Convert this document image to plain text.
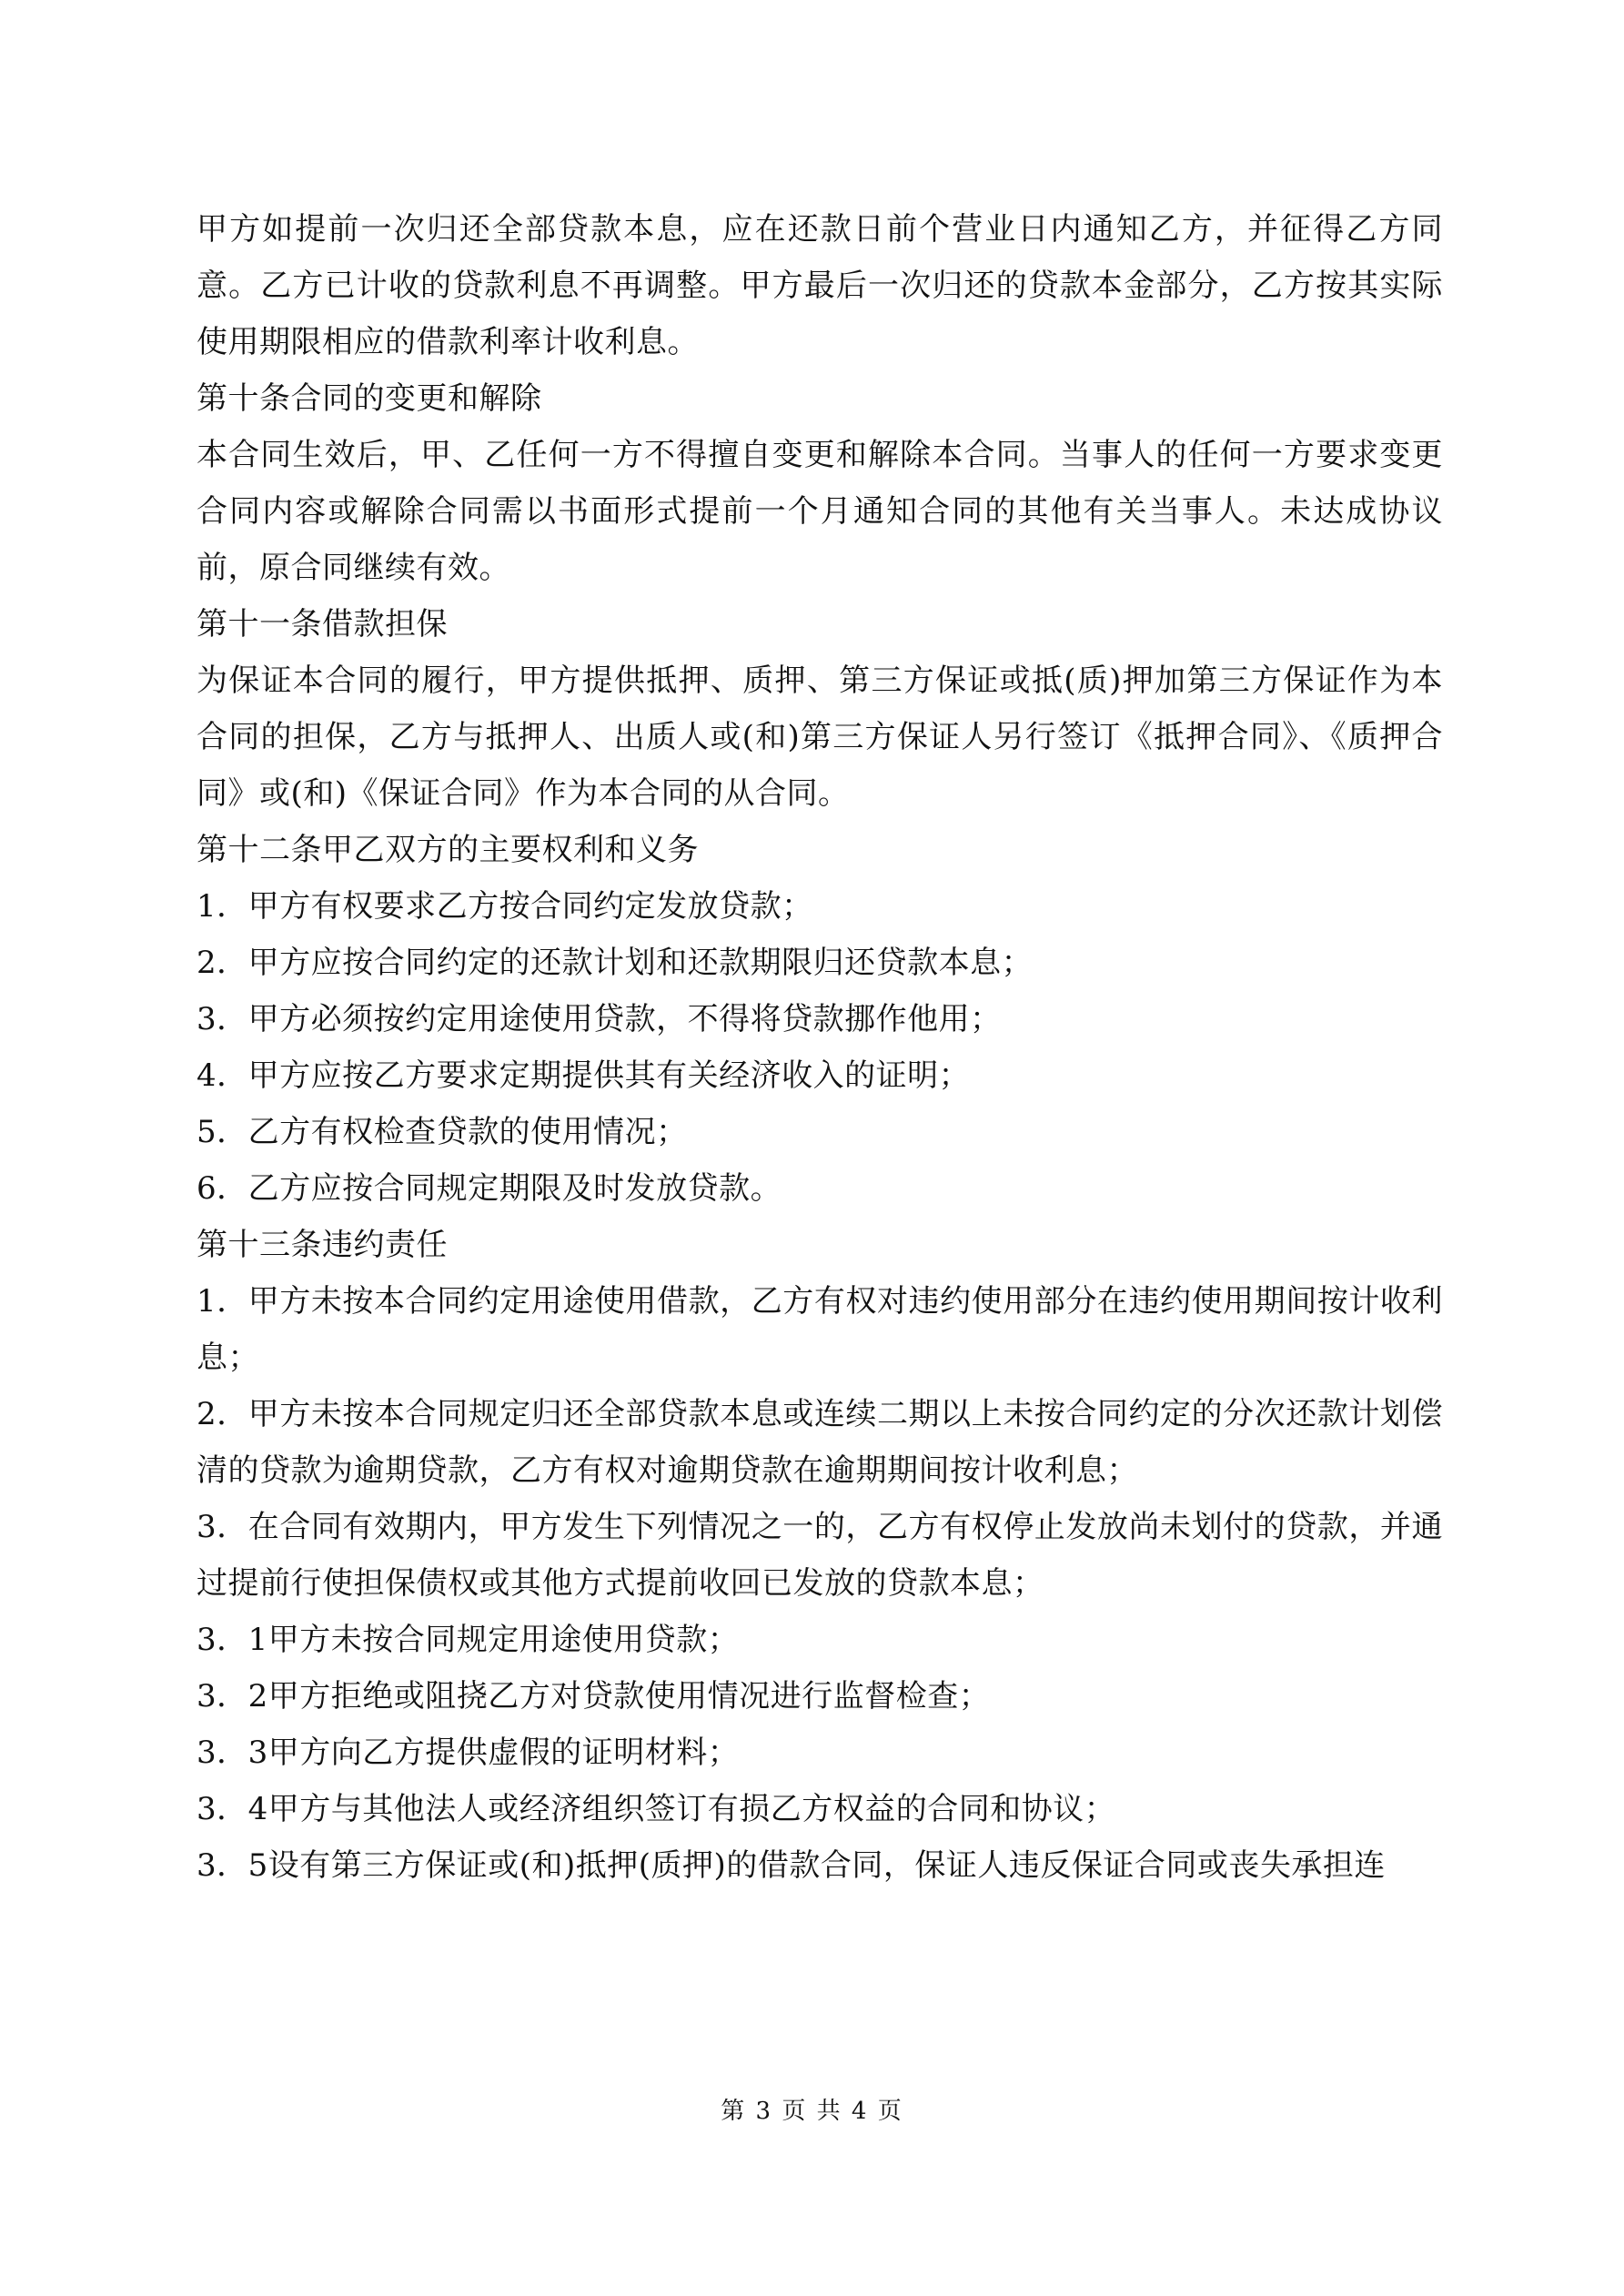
甲方如提前一次归还全部贷款本息，应在还款日前个营业日内通知乙方，并征得乙方同意。乙方已计收的贷款利息不再调整。甲方最后一次归还的贷款本金部分，乙方按其实际使用期限相应的借款利率计收利息。

第十条合同的变更和解除

本合同生效后，甲、乙任何一方不得擅自变更和解除本合同。当事人的任何一方要求变更合同内容或解除合同需以书面形式提前一个月通知合同的其他有关当事人。未达成协议前，原合同继续有效。

第十一条借款担保

为保证本合同的履行，甲方提供抵押、质押、第三方保证或抵(质)押加第三方保证作为本合同的担保，乙方与抵押人、出质人或(和)第三方保证人另行签订《抵押合同》、《质押合同》或(和)《保证合同》作为本合同的从合同。

第十二条甲乙双方的主要权利和义务

1．甲方有权要求乙方按合同约定发放贷款；

2．甲方应按合同约定的还款计划和还款期限归还贷款本息；

3．甲方必须按约定用途使用贷款，不得将贷款挪作他用；

4．甲方应按乙方要求定期提供其有关经济收入的证明；

5．乙方有权检查贷款的使用情况；

6．乙方应按合同规定期限及时发放贷款。

第十三条违约责任

1．甲方未按本合同约定用途使用借款，乙方有权对违约使用部分在违约使用期间按计收利息；

2．甲方未按本合同规定归还全部贷款本息或连续二期以上未按合同约定的分次还款计划偿清的贷款为逾期贷款，乙方有权对逾期贷款在逾期期间按计收利息；

3．在合同有效期内，甲方发生下列情况之一的，乙方有权停止发放尚未划付的贷款，并通过提前行使担保债权或其他方式提前收回已发放的贷款本息；

3．1甲方未按合同规定用途使用贷款；

3．2甲方拒绝或阻挠乙方对贷款使用情况进行监督检查；

3．3甲方向乙方提供虚假的证明材料；

3．4甲方与其他法人或经济组织签订有损乙方权益的合同和协议；

3．5设有第三方保证或(和)抵押(质押)的借款合同，保证人违反保证合同或丧失承担连

第 3 页 共 4 页
